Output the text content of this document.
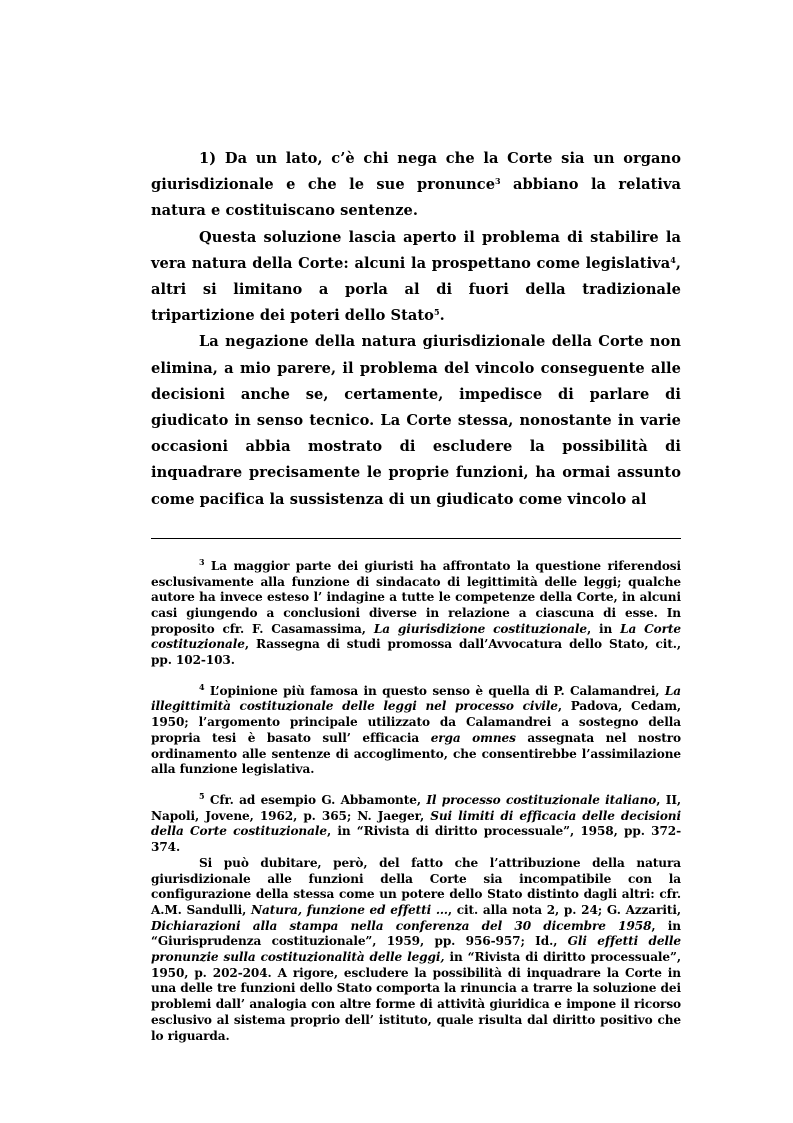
1) Da un lato, c’è chi nega che la Corte sia un organo giurisdizionale e che le sue pronunce$^3$ abbiano la relativa natura e costituiscano sentenze.

Questa soluzione lascia aperto il problema di stabilire la vera natura della Corte: alcuni la prospettano come legislativa$^4$, altri si limitano a porla al di fuori della tradizionale tripartizione dei poteri dello Stato$^5$.

La negazione della natura giurisdizionale della Corte non elimina, a mio parere, il problema del vincolo conseguente alle decisioni anche se, certamente, impedisce di parlare di giudicato in senso tecnico. La Corte stessa, nonostante in varie occasioni abbia mostrato di escludere la possibilità di inquadrare precisamente le proprie funzioni, ha ormai assunto come pacifica la sussistenza di un giudicato come vincolo al

$^3$ La maggior parte dei giuristi ha affrontato la questione riferendosi esclusivamente alla funzione di sindacato di legittimità delle leggi; qualche autore ha invece esteso l’ indagine a tutte le competenze della Corte, in alcuni casi giungendo a conclusioni diverse in relazione a ciascuna di esse. In proposito cfr. F. Casamassima, La giurisdizione costituzionale, in La Corte costituzionale, Rassegna di studi promossa dall’Avvocatura dello Stato, cit., pp. 102-103.

$^4$ L’opinione più famosa in questo senso è quella di P. Calamandrei, La illegittimità costituzionale delle leggi nel processo civile, Padova, Cedam, 1950; l’argomento principale utilizzato da Calamandrei a sostegno della propria tesi è basato sull’ efficacia erga omnes assegnata nel nostro ordinamento alle sentenze di accoglimento, che consentirebbe l’assimilazione alla funzione legislativa.

$^5$ Cfr. ad esempio G. Abbamonte, Il processo costituzionale italiano, II, Napoli, Jovene, 1962, p. 365; N. Jaeger, Sui limiti di efficacia delle decisioni della Corte costituzionale, in “Rivista di diritto processuale”, 1958, pp. 372-374.

Si può dubitare, però, del fatto che l’attribuzione della natura giurisdizionale alle funzioni della Corte sia incompatibile con la configurazione della stessa come un potere dello Stato distinto dagli altri: cfr. A.M. Sandulli, Natura, funzione ed effetti …, cit. alla nota 2, p. 24; G. Azzariti, Dichiarazioni alla stampa nella conferenza del 30 dicembre 1958, in “Giurisprudenza costituzionale”, 1959, pp. 956-957; Id., Gli effetti delle pronunzie sulla costituzionalità delle leggi, in “Rivista di diritto processuale”, 1950, p. 202-204. A rigore, escludere la possibilità di inquadrare la Corte in una delle tre funzioni dello Stato comporta la rinuncia a trarre la soluzione dei problemi dall’ analogia con altre forme di attività giuridica e impone il ricorso esclusivo al sistema proprio dell’ istituto, quale risulta dal diritto positivo che lo riguarda.
